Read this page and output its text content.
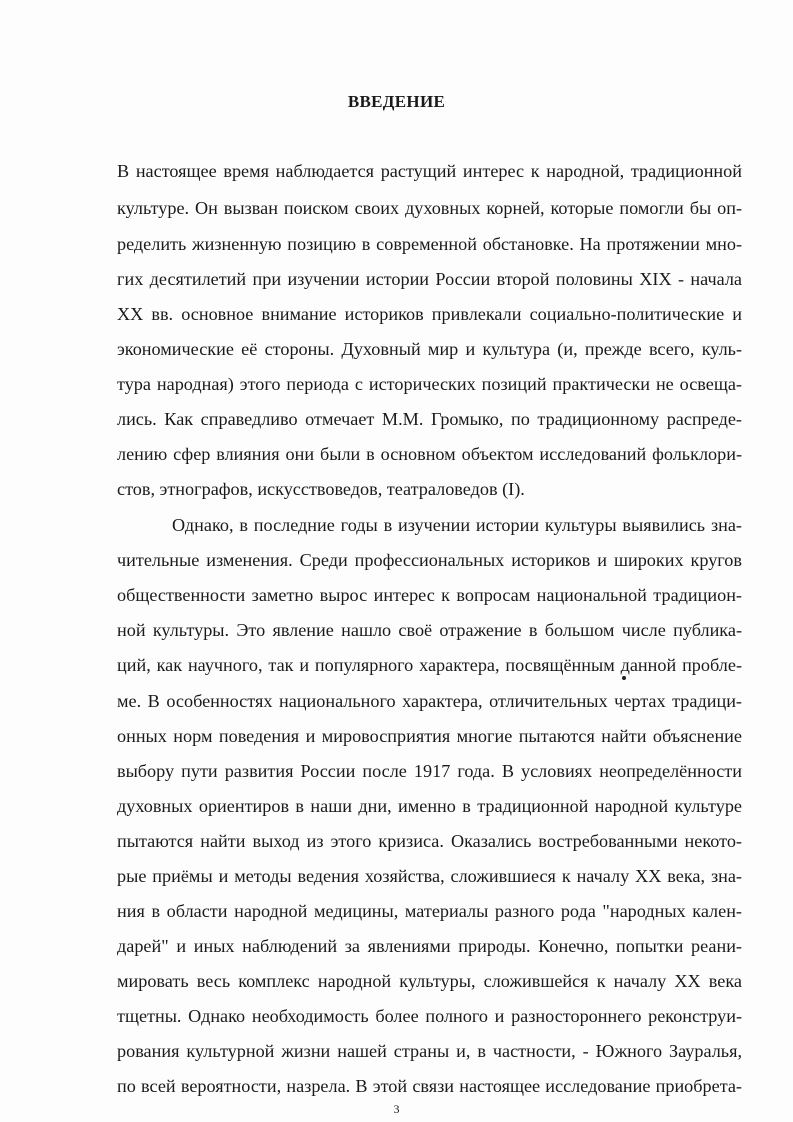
ВВЕДЕНИЕ
В настоящее время наблюдается растущий интерес к народной, традиционной
культуре. Он вызван поиском своих духовных корней, которые помогли бы оп-
ределить жизненную позицию в современной обстановке. На протяжении мно-
гих десятилетий при изучении истории России второй половины XIX - начала
XX вв. основное внимание историков привлекали социально-политические и
экономические её стороны. Духовный мир и культура (и, прежде всего, куль-
тура народная) этого периода с исторических позиций практически не освеща-
лись. Как справедливо отмечает М.М. Громыко, по традиционному распреде-
лению сфер влияния они были в основном объектом исследований фольклори-
стов, этнографов, искусствоведов, театраловедов (I).
Однако, в последние годы в изучении истории культуры выявились зна-
чительные изменения. Среди профессиональных историков и широких кругов
общественности заметно вырос интерес к вопросам национальной традицион-
ной культуры. Это явление нашло своё отражение в большом числе публика-
ций, как научного, так и популярного характера, посвящённым данной пробле-
ме. В особенностях национального характера, отличительных чертах традици-
онных норм поведения и мировосприятия многие пытаются найти объяснение
выбору пути развития России после 1917 года. В условиях неопределённости
духовных ориентиров в наши дни, именно в традиционной народной культуре
пытаются найти выход из этого кризиса. Оказались востребованными некото-
рые приёмы и методы ведения хозяйства, сложившиеся к началу XX века, зна-
ния в области народной медицины, материалы разного рода "народных кален-
дарей" и иных наблюдений за явлениями природы. Конечно, попытки реани-
мировать весь комплекс народной культуры, сложившейся к началу XX века
тщетны. Однако необходимость более полного и разностороннего реконструи-
рования культурной жизни нашей страны и, в частности, - Южного Зауралья,
по всей вероятности, назрела. В этой связи настоящее исследование приобрета-
3
